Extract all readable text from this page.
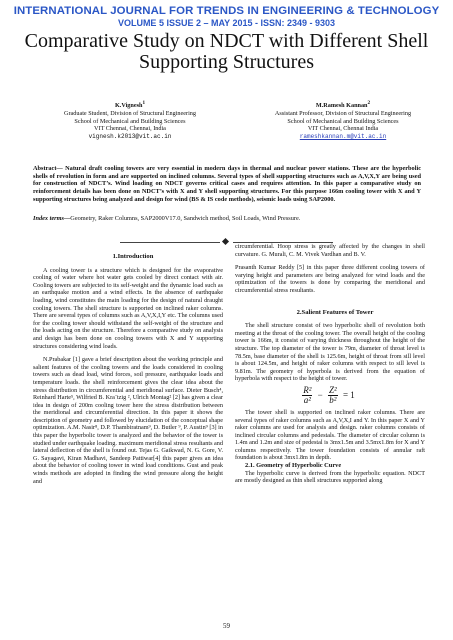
INTERNATIONAL JOURNAL FOR TRENDS IN ENGINEERING & TECHNOLOGY
VOLUME 5 ISSUE 2 – MAY 2015 - ISSN: 2349 - 9303
Comparative Study on NDCT with Different Shell Supporting Structures
K.Vignesh$^1$
Graduate Student, Division of Structural Engineering
School of Mechanical and Building Sciences
VIT Chennai, Chennai, India
vignesh.k2013@vit.ac.in
M.Ramesh Kannan$^2$
Assistant Professor, Division of Structural Engineering
School of Mechanical and Building Sciences
VIT Chennai, Chennai India
rameshkannan.m@vit.ac.in
Abstract— Natural draft cooling towers are very essential in modern days in thermal and nuclear power stations. These are the hyperbolic shells of revolution in form and are supported on inclined columns. Several types of shell supporting structures such as A,V,X,Y are being used for construction of NDCT’s. Wind loading on NDCT governs critical cases and requires attention. In this paper a comparative study on reinforcement details has been done on NDCT’s with X and Y shell supporting structures. For this purpose 166m cooling tower with X and Y supporting structures being analyzed and design for wind (BS & IS code methods), seismic loads using SAP2000.
Index terms—Geometry, Raker Columns, SAP2000V17.0, Sandwich method, Soil Loads, Wind Pressure.

1.Introduction

A cooling tower is a structure which is designed for the evaporative cooling of water where hot water gets cooled by direct contact with air. Cooling towers are subjected to its self-weight and the dynamic load such as an earthquake motion and a wind effects. In the absence of earthquake loading, wind constitutes the main loading for the design of natural draught cooling towers. The shell structure is supported on inclined raker columns. There are several types of columns such as A,V,X,I,Y etc. The columns used for the cooling tower should withstand the self-weight of the structure and the loads acting on the structure. Therefore a comparative study on analysis and design has been done on cooling towers with X and Y supporting structures considering wind loads.

N.Prabakar [1] gave a brief description about the working principle and salient features of the cooling towers and the loads considered in cooling towers such as dead load, wind forces, soil pressure, earthquake loads and temperature loads. the shell reinforcement gives the clear idea about the stress distribution in circumferential and meridional surface. Dieter Busch⁴, Reinhard Harte⁵, Wilfried B. Kra¨tzig ², Ulrich Montag² [2] has given a clear idea in design of 200m cooling tower here the stress distribution between the meridional and circumferential direction. In this paper it shows the description of geometry and followed by elucidation of the conceptual shape optimization. A.M. Nasir⁸, D.P. Thambiratnam⁹, D. Butler ⁹, P. Austin⁹ [3] in this paper the hyperbolic tower is analyzed and the behavior of the tower is studied under earthquake loading. maximum meridional stress resultants and lateral deflection of the shell is found out. Tejas G. Gaikwad, N. G. Gore, V. G. Sayagavi, Kiran Madhavi, Sandeep Pattiwar[4] this paper gives an idea about the behavior of cooling tower in wind load conditions. Gust and peak winds methods are adopted in finding the wind pressure along the height and

circumferential. Hoop stress is greatly affected by the changes in shell curvature. G. Murali, C. M. Vivek Vardhan and B. V.

Prasanth Kumar Reddy [5] in this paper three different cooling towers of varying height and parameters are being analyzed for wind loads and the optimization of the towers is done by comparing the meridional and circumferential stress resultants.

2.Salient Features of Tower

The shell structure consist of two hyperbolic shell of revolution both meeting at the throat of the cooling tower. The overall height of the cooling tower is 166m, it consist of varying thickness throughout the height of the structure. The top diameter of the tower is 79m, diameter of throat level is 78.5m, base diameter of the shell is 125.6m, height of throat from sill level is about 124.5m, and height of raker columns with respect to sill level is 9.81m. The geometry of hyperbola is derived from the equation of hyperbola with respect to the height of tower.

$\frac{\text{R²}}{\text{a²}} - \frac{\text{Z²}}{\text{b²}} = 1$

The tower shell is supported on inclined raker columns. There are several types of raker columns such as A,V,X,I and Y. In this paper X and Y raker columns are used for analysis and design. raker columns consists of inclined circular columns and pedestals. The diameter of circular column is 1.4m and 1.2m and size of pedestal is 3mx1.5m and 3.5mx1.8m for X and Y columns respectively. The tower foundation consists of annular raft foundation is about 3mx1.8m in depth.

2.1. Geometry of Hyperbolic Curve

The hyperbolic curve is derived from the hyperbolic equation. NDCT are mostly designed as thin shell structures supported along

59
